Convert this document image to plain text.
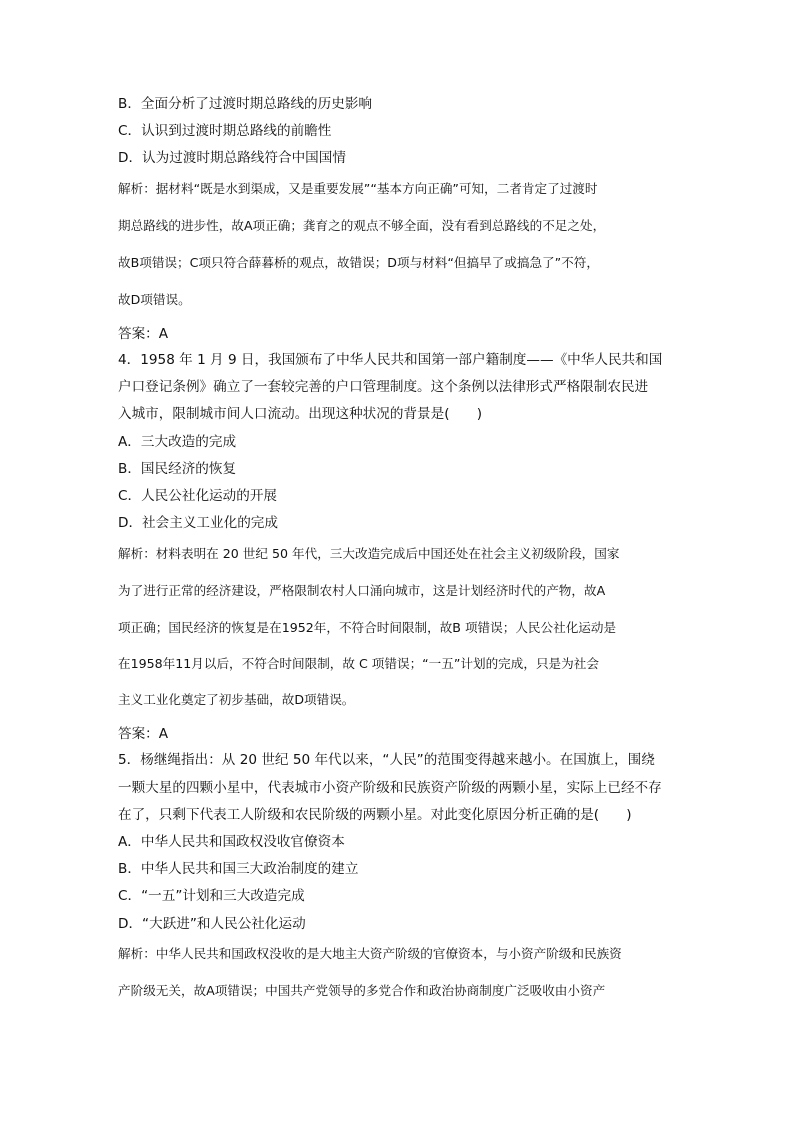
B．全面分析了过渡时期总路线的历史影响
C．认识到过渡时期总路线的前瞻性
D．认为过渡时期总路线符合中国国情
解析：据材料“既是水到渠成，又是重要发展”“基本方向正确”可知，二者肯定了过渡时
期总路线的进步性，故A项正确；龚育之的观点不够全面，没有看到总路线的不足之处，
故B项错误；C项只符合薛暮桥的观点，故错误；D项与材料“但搞早了或搞急了”不符，
故D项错误。
答案：A
4．1958 年 1 月 9 日，我国颁布了中华人民共和国第一部户籍制度——《中华人民共和国
户口登记条例》确立了一套较完善的户口管理制度。这个条例以法律形式严格限制农民进
入城市，限制城市间人口流动。出现这种状况的背景是(　　)
A．三大改造的完成
B．国民经济的恢复
C．人民公社化运动的开展
D．社会主义工业化的完成
解析：材料表明在 20 世纪 50 年代，三大改造完成后中国还处在社会主义初级阶段，国家
为了进行正常的经济建设，严格限制农村人口涌向城市，这是计划经济时代的产物，故A
项正确；国民经济的恢复是在1952年，不符合时间限制，故B 项错误；人民公社化运动是
在1958年11月以后，不符合时间限制，故 C 项错误；“一五”计划的完成，只是为社会
主义工业化奠定了初步基础，故D项错误。
答案：A
5．杨继绳指出：从 20 世纪 50 年代以来，“人民”的范围变得越来越小。在国旗上，围绕
一颗大星的四颗小星中，代表城市小资产阶级和民族资产阶级的两颗小星，实际上已经不存
在了，只剩下代表工人阶级和农民阶级的两颗小星。对此变化原因分析正确的是(　　)
A．中华人民共和国政权没收官僚资本
B．中华人民共和国三大政治制度的建立
C．“一五”计划和三大改造完成
D．“大跃进”和人民公社化运动
解析：中华人民共和国政权没收的是大地主大资产阶级的官僚资本，与小资产阶级和民族资
产阶级无关，故A项错误；中国共产党领导的多党合作和政治协商制度广泛吸收由小资产
